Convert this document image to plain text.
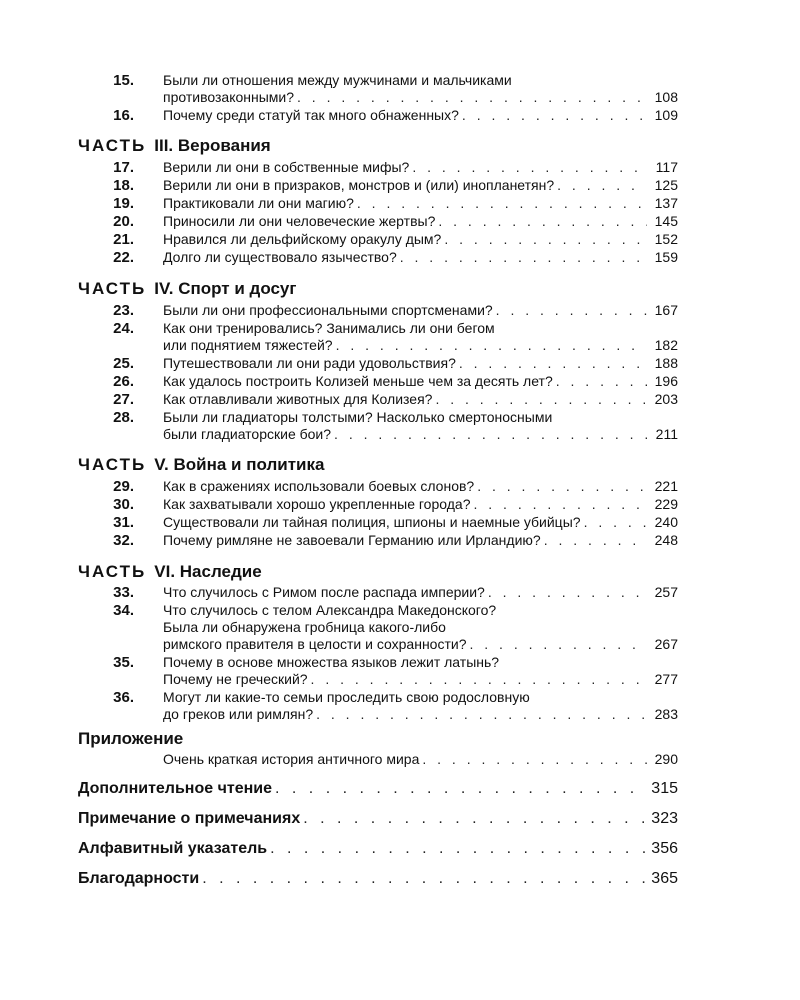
15. Были ли отношения между мужчинами и мальчиками
противозаконными? . . .	108
16. Почему среди статуй так много обнаженных? . . .	109
ЧАСТЬ III. Верования
17. Верили ли они в собственные мифы? . . .	117
18. Верили ли они в призраков, монстров и (или) инопланетян? . . .	125
19. Практиковали ли они магию? . . .	137
20. Приносили ли они человеческие жертвы? . . .	145
21. Нравился ли дельфийскому оракулу дым? . . .	152
22. Долго ли существовало язычество? . . .	159
ЧАСТЬ IV. Спорт и досуг
23. Были ли они профессиональными спортсменами? . . .	167
24. Как они тренировались? Занимались ли они бегом
или поднятием тяжестей? . . .	182
25. Путешествовали ли они ради удовольствия? . . .	188
26. Как удалось построить Колизей меньше чем за десять лет? . . .	196
27. Как отлавливали животных для Колизея? . . .	203
28. Были ли гладиаторы толстыми? Насколько смертоносными
были гладиаторские бои? . . .	211
ЧАСТЬ V. Война и политика
29. Как в сражениях использовали боевых слонов? . . .	221
30. Как захватывали хорошо укрепленные города? . . .	229
31. Существовали ли тайная полиция, шпионы и наемные убийцы? . . .	240
32. Почему римляне не завоевали Германию или Ирландию? . . .	248
ЧАСТЬ VI. Наследие
33. Что случилось с Римом после распада империи? . . .	257
34. Что случилось с телом Александра Македонского?
Была ли обнаружена гробница какого-либо
римского правителя в целости и сохранности? . . .	267
35. Почему в основе множества языков лежит латынь?
Почему не греческий? . . .	277
36. Могут ли какие-то семьи проследить свою родословную
до греков или римлян? . . .	283
Приложение
Очень краткая история античного мира . . .	290
Дополнительное чтение . . .	315
Примечание о примечаниях . . .	323
Алфавитный указатель . . .	356
Благодарности . . .	365
